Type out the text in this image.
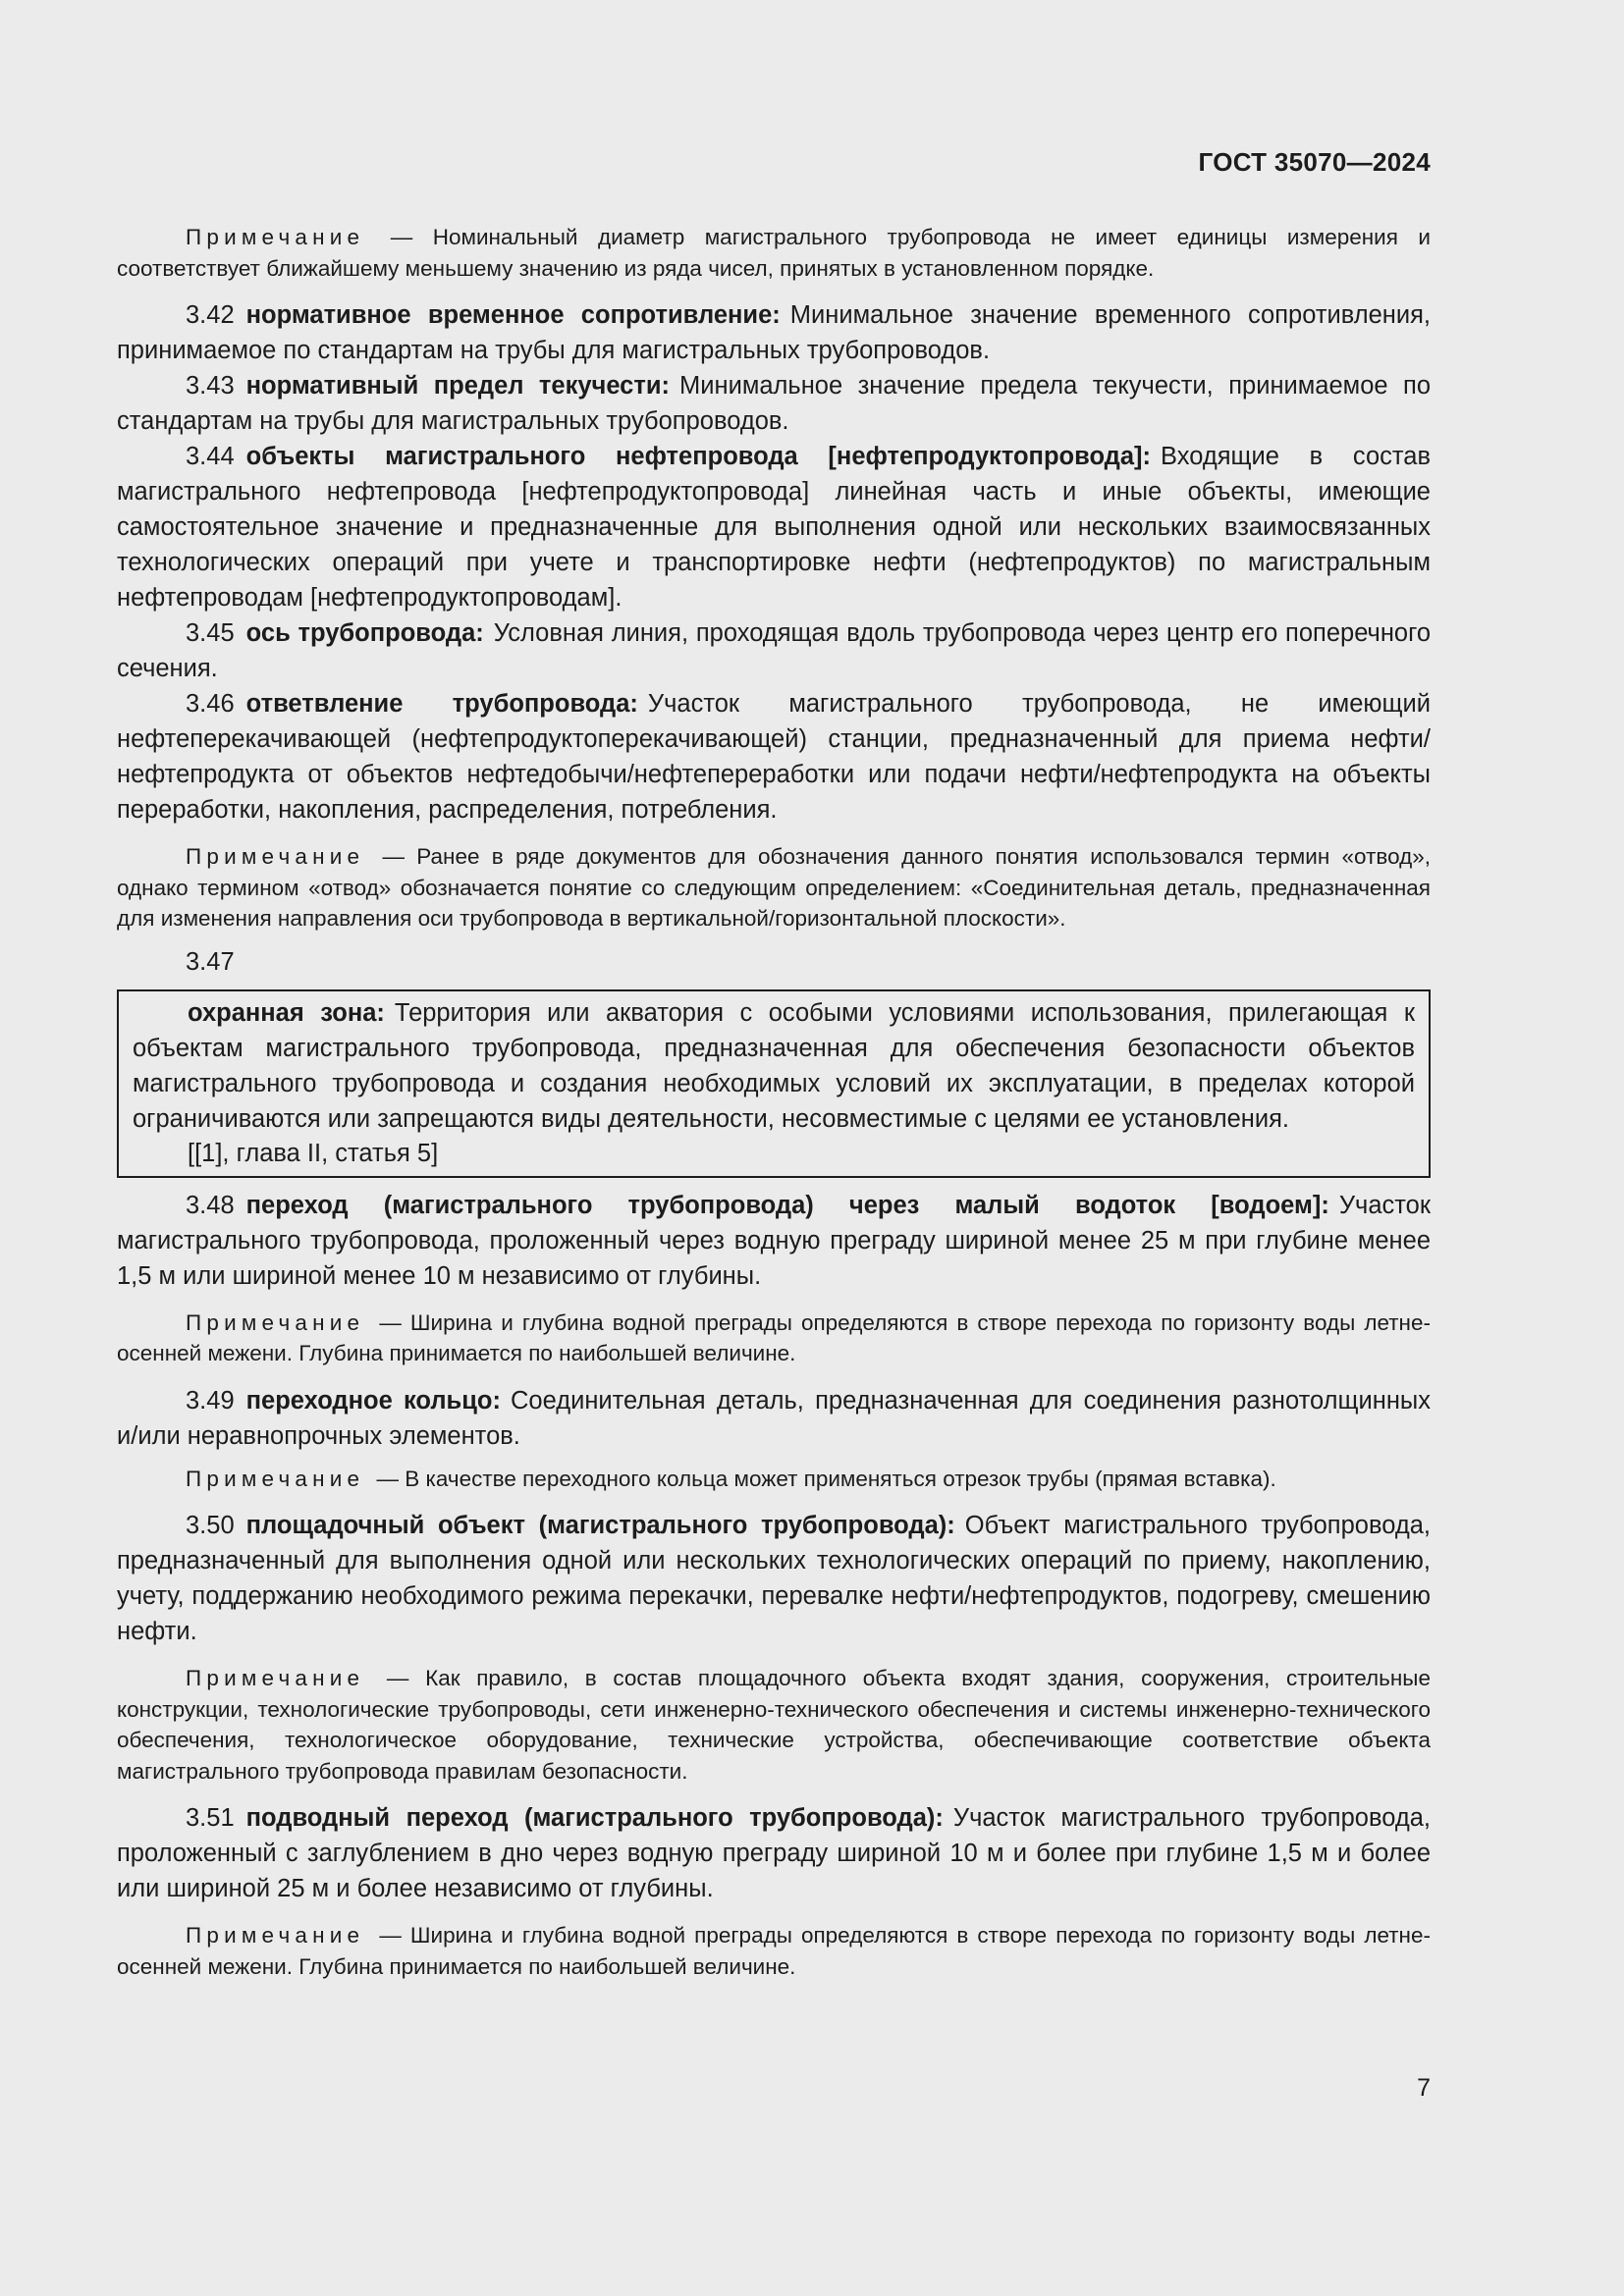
ГОСТ 35070—2024

Примечание — Номинальный диаметр магистрального трубопровода не имеет единицы измерения и соответствует ближайшему меньшему значению из ряда чисел, принятых в установленном порядке.

3.42 нормативное временное сопротивление: Минимальное значение временного сопротивления, принимаемое по стандартам на трубы для магистральных трубопроводов.

3.43 нормативный предел текучести: Минимальное значение предела текучести, принимаемое по стандартам на трубы для магистральных трубопроводов.

3.44 объекты магистрального нефтепровода [нефтепродуктопровода]: Входящие в состав магистрального нефтепровода [нефтепродуктопровода] линейная часть и иные объекты, имеющие самостоятельное значение и предназначенные для выполнения одной или нескольких взаимосвязанных технологических операций при учете и транспортировке нефти (нефтепродуктов) по магистральным нефтепроводам [нефтепродуктопроводам].

3.45 ось трубопровода: Условная линия, проходящая вдоль трубопровода через центр его поперечного сечения.

3.46 ответвление трубопровода: Участок магистрального трубопровода, не имеющий нефтеперекачивающей (нефтепродуктоперекачивающей) станции, предназначенный для приема нефти/нефтепродукта от объектов нефтедобычи/нефтепереработки или подачи нефти/нефтепродукта на объекты переработки, накопления, распределения, потребления.

Примечание — Ранее в ряде документов для обозначения данного понятия использовался термин «отвод», однако термином «отвод» обозначается понятие со следующим определением: «Соединительная деталь, предназначенная для изменения направления оси трубопровода в вертикальной/горизонтальной плоскости».

3.47

охранная зона: Территория или акватория с особыми условиями использования, прилегающая к объектам магистрального трубопровода, предназначенная для обеспечения безопасности объектов магистрального трубопровода и создания необходимых условий их эксплуатации, в пределах которой ограничиваются или запрещаются виды деятельности, несовместимые с целями ее установления.

[[1], глава II, статья 5]

3.48 переход (магистрального трубопровода) через малый водоток [водоем]: Участок магистрального трубопровода, проложенный через водную преграду шириной менее 25 м при глубине менее 1,5 м или шириной менее 10 м независимо от глубины.

Примечание — Ширина и глубина водной преграды определяются в створе перехода по горизонту воды летне-осенней межени. Глубина принимается по наибольшей величине.

3.49 переходное кольцо: Соединительная деталь, предназначенная для соединения разнотолщинных и/или неравнопрочных элементов.

Примечание — В качестве переходного кольца может применяться отрезок трубы (прямая вставка).

3.50 площадочный объект (магистрального трубопровода): Объект магистрального трубопровода, предназначенный для выполнения одной или нескольких технологических операций по приему, накоплению, учету, поддержанию необходимого режима перекачки, перевалке нефти/нефтепродуктов, подогреву, смешению нефти.

Примечание — Как правило, в состав площадочного объекта входят здания, сооружения, строительные конструкции, технологические трубопроводы, сети инженерно-технического обеспечения и системы инженерно-технического обеспечения, технологическое оборудование, технические устройства, обеспечивающие соответствие объекта магистрального трубопровода правилам безопасности.

3.51 подводный переход (магистрального трубопровода): Участок магистрального трубопровода, проложенный с заглублением в дно через водную преграду шириной 10 м и более при глубине 1,5 м и более или шириной 25 м и более независимо от глубины.

Примечание — Ширина и глубина водной преграды определяются в створе перехода по горизонту воды летне-осенней межени. Глубина принимается по наибольшей величине.

7
